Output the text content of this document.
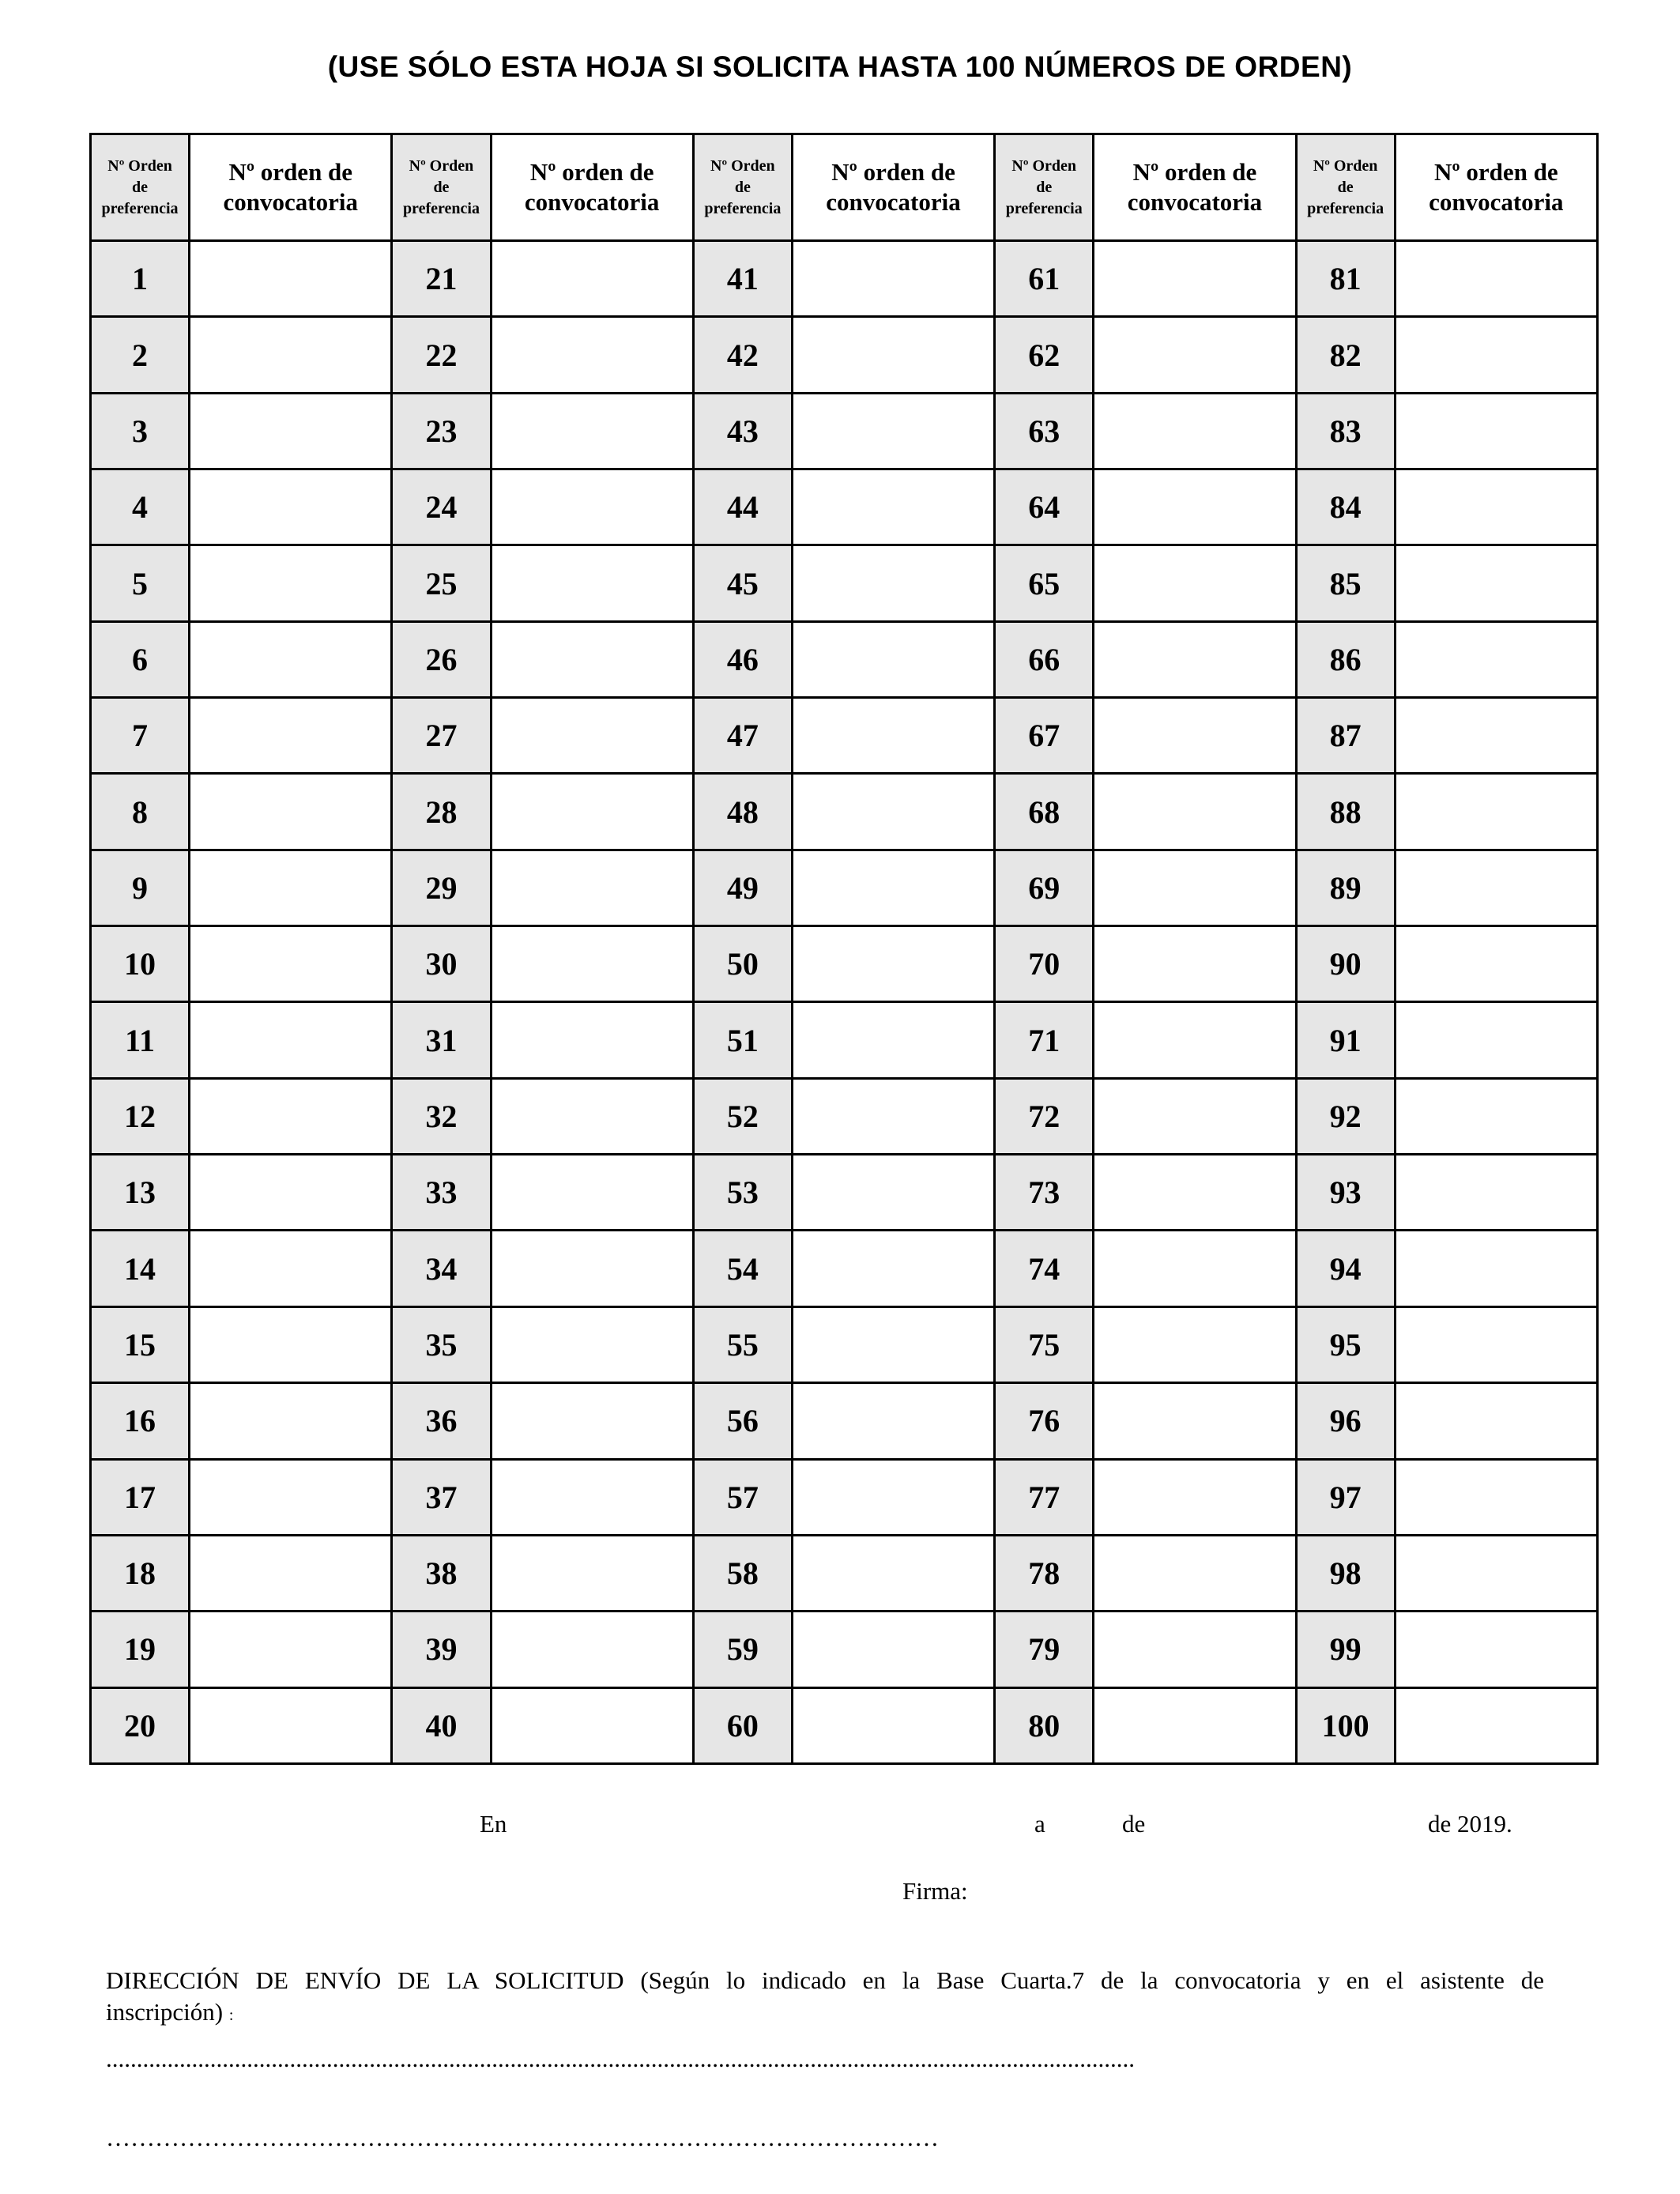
(USE SÓLO ESTA HOJA SI SOLICITA HASTA 100 NÚMEROS DE ORDEN)
Nº Orden
de
preferencia	Nº orden de
convocatoria	Nº Orden
de
preferencia	Nº orden de
convocatoria	Nº Orden
de
preferencia	Nº orden de
convocatoria	Nº Orden
de
preferencia	Nº orden de
convocatoria	Nº Orden
de
preferencia	Nº orden de
convocatoria
1		21		41		61		81	
2		22		42		62		82	
3		23		43		63		83	
4		24		44		64		84	
5		25		45		65		85	
6		26		46		66		86	
7		27		47		67		87	
8		28		48		68		88	
9		29		49		69		89	
10		30		50		70		90	
11		31		51		71		91	
12		32		52		72		92	
13		33		53		73		93	
14		34		54		74		94	
15		35		55		75		95	
16		36		56		76		96	
17		37		57		77		97	
18		38		58		78		98	
19		39		59		79		99	
20		40		60		80		100	
En	a	de	de 2019.
Firma:
DIRECCIÓN DE ENVÍO DE LA SOLICITUD (Según lo indicado en la Base Cuarta.7 de la convocatoria y en el asistente de
inscripción) :
........................................................................................................................................................................
…………………………………………………………………………………………
